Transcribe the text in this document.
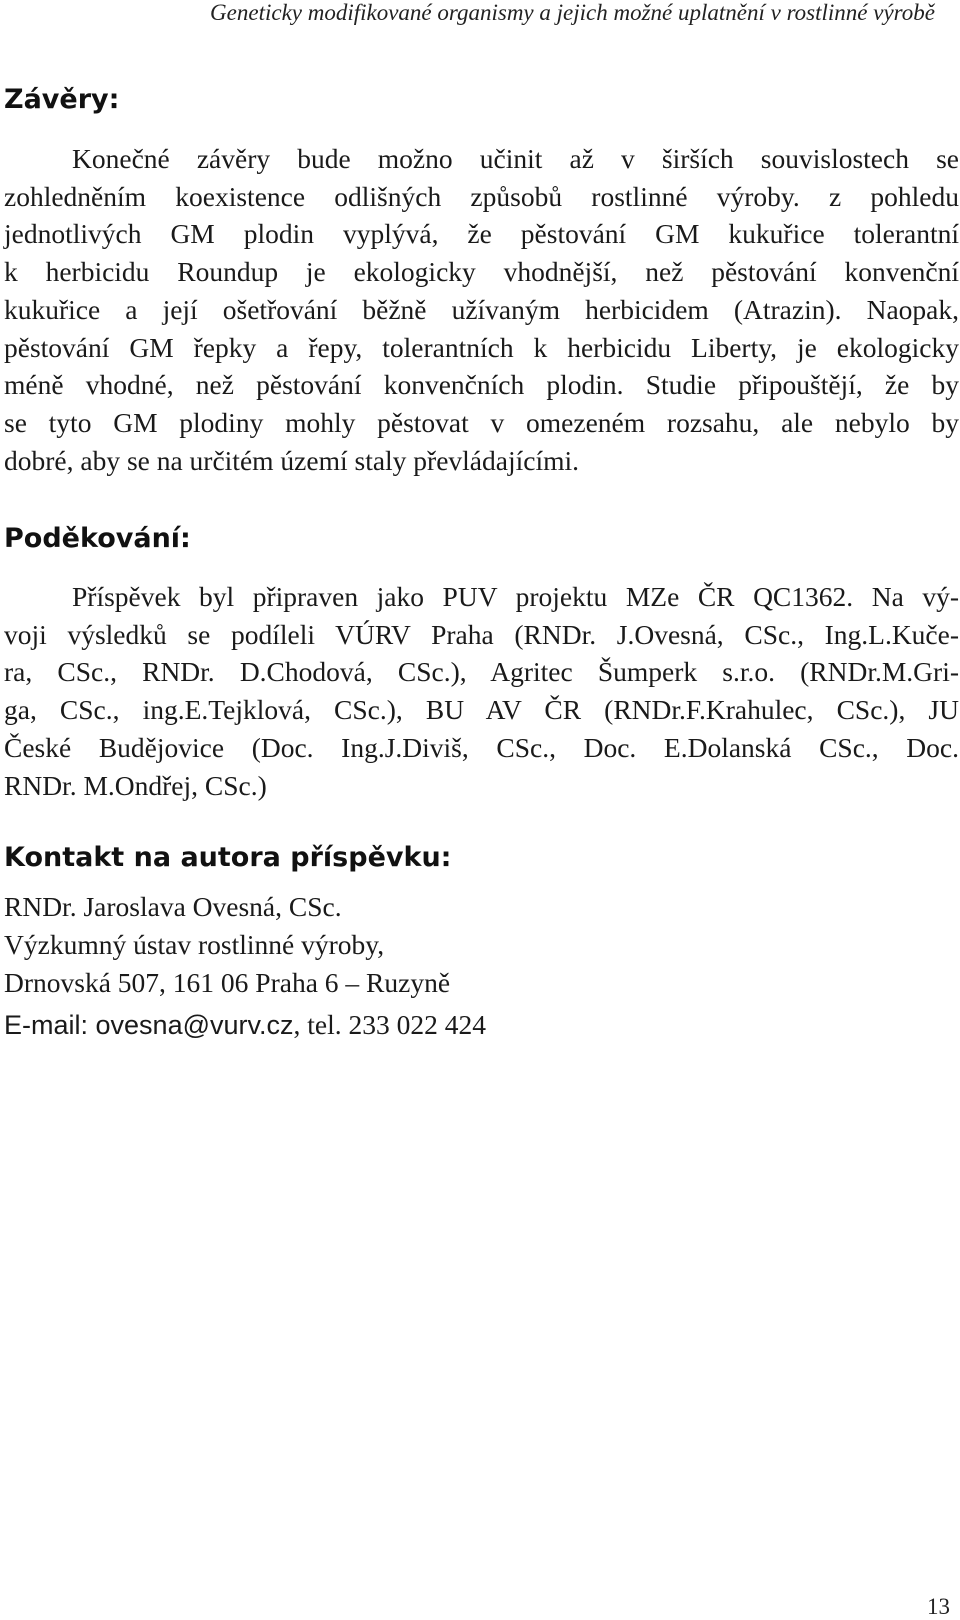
Geneticky modifikované organismy a jejich možné uplatnění v rostlinné výrobě
Závěry:

Konečné závěry bude možno učinit až v širších souvislostech se
zohledněním koexistence odlišných způsobů rostlinné výroby. z pohledu
jednotlivých GM plodin vyplývá, že pěstování GM kukuřice tolerantní
k herbicidu Roundup je ekologicky vhodnější, než pěstování konvenční
kukuřice a její ošetřování běžně užívaným herbicidem (Atrazin). Naopak,
pěstování GM řepky a řepy, tolerantních k herbicidu Liberty, je ekologicky
méně vhodné, než pěstování konvenčních plodin. Studie připouštějí, že by
se tyto GM plodiny mohly pěstovat v omezeném rozsahu, ale nebylo by
dobré, aby se na určitém území staly převládajícími.

Poděkování:

Příspěvek byl připraven jako PUV projektu MZe ČR QC1362. Na vý-
voji výsledků se podíleli VÚRV Praha (RNDr. J.Ovesná, CSc., Ing.L.Kuče-
ra, CSc., RNDr. D.Chodová, CSc.), Agritec Šumperk s.r.o. (RNDr.M.Gri-
ga, CSc., ing.E.Tejklová, CSc.), BU AV ČR (RNDr.F.Krahulec, CSc.), JU
České Budějovice (Doc. Ing.J.Diviš, CSc., Doc. E.Dolanská CSc., Doc.
RNDr. M.Ondřej, CSc.)

Kontakt na autora příspěvku:
RNDr. Jaroslava Ovesná, CSc.
Výzkumný ústav rostlinné výroby,
Drnovská 507, 161 06 Praha 6 – Ruzyně
E-mail: ovesna@vurv.cz, tel. 233 022 424
13
